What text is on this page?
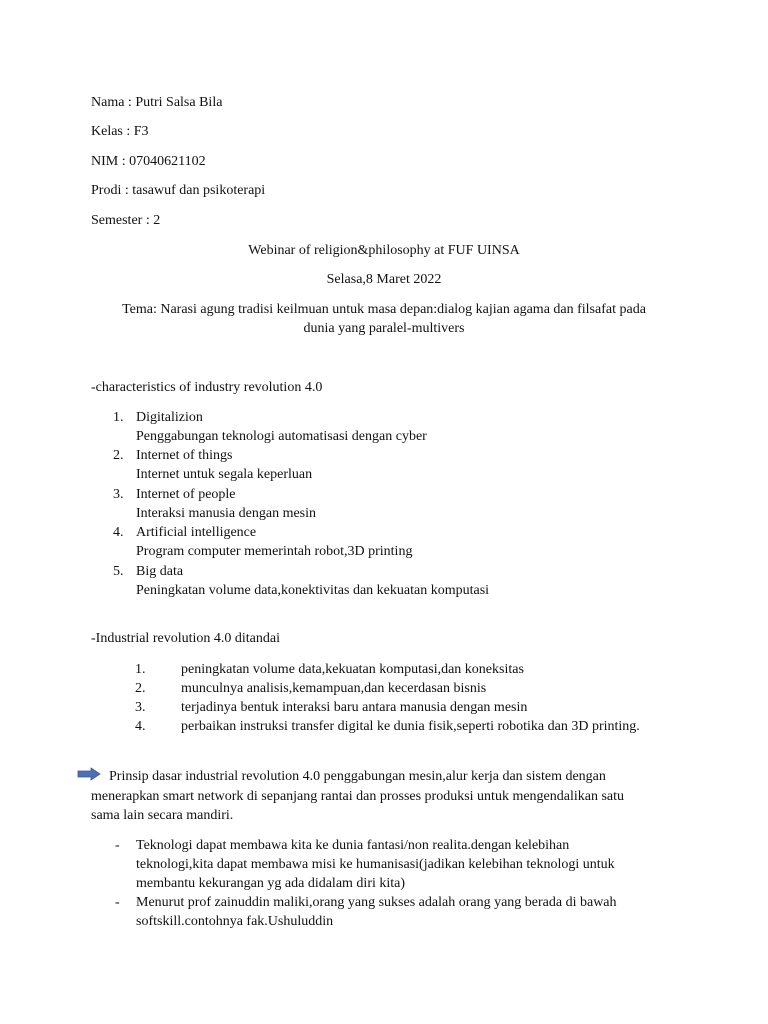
Nama : Putri Salsa Bila
Kelas : F3
NIM : 07040621102
Prodi : tasawuf dan psikoterapi
Semester : 2
Webinar of religion&philosophy at FUF UINSA
Selasa,8 Maret 2022
Tema: Narasi agung tradisi keilmuan untuk masa depan:dialog kajian agama dan filsafat pada
dunia yang paralel-multivers
-characteristics of industry revolution 4.0
1. Digitalizion
Penggabungan teknologi automatisasi dengan cyber
2. Internet of things
Internet untuk segala keperluan
3. Internet of people
Interaksi manusia dengan mesin
4. Artificial intelligence
Program computer memerintah robot,3D printing
5. Big data
Peningkatan volume data,konektivitas dan kekuatan komputasi
-Industrial revolution 4.0 ditandai
1.	peningkatan volume data,kekuatan komputasi,dan koneksitas
2.	munculnya analisis,kemampuan,dan kecerdasan bisnis
3.	terjadinya bentuk interaksi baru antara manusia dengan mesin
4.	perbaikan instruksi transfer digital ke dunia fisik,seperti robotika dan 3D printing.
Prinsip dasar industrial revolution 4.0 penggabungan mesin,alur kerja dan sistem dengan
menerapkan smart network di sepanjang rantai dan prosses produksi untuk mengendalikan satu
sama lain secara mandiri.
- Teknologi dapat membawa kita ke dunia fantasi/non realita.dengan kelebihan
teknologi,kita dapat membawa misi ke humanisasi(jadikan kelebihan teknologi untuk
membantu kekurangan yg ada didalam diri kita)
- Menurut prof zainuddin maliki,orang yang sukses adalah orang yang berada di bawah
softskill.contohnya fak.Ushuluddin
